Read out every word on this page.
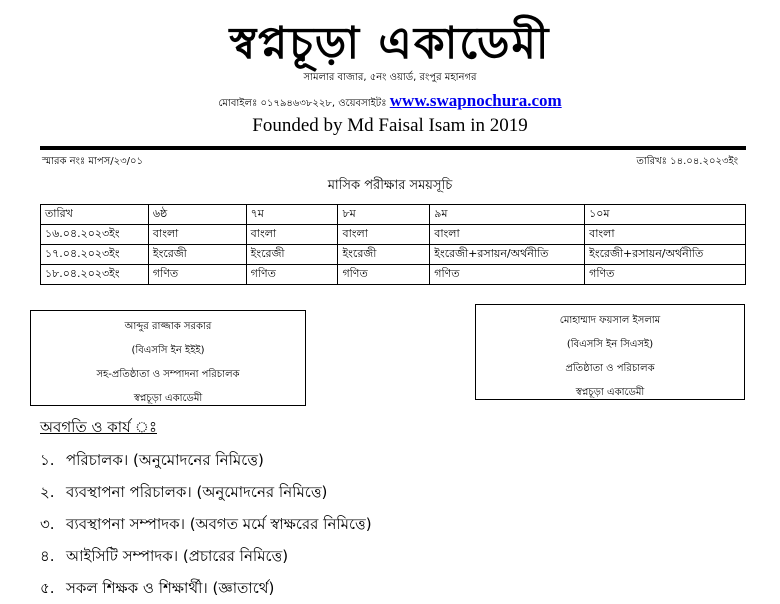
স্বপ্নচূড়া একাডেমী
সামলার বাজার, ৫নং ওয়ার্ড, রংপুর মহানগর
মোবাইলঃ ০১৭৯৪৬৩৮২২৮, ওয়েবসাইটঃ www.swapnochura.com
Founded by Md Faisal Isam in 2019
স্মারক নংঃ মাপস/২৩/০১	তারিখঃ ১৪.০৪.২০২৩ইং
মাসিক পরীক্ষার সময়সূচি
তারিখ	৬ষ্ঠ	৭ম	৮ম	৯ম	১০ম
১৬.০৪.২০২৩ইং	বাংলা	বাংলা	বাংলা	বাংলা	বাংলা
১৭.০৪.২০২৩ইং	ইংরেজী	ইংরেজী	ইংরেজী	ইংরেজী+রসায়ন/অর্থনীতি	ইংরেজী+রসায়ন/অর্থনীতি
১৮.০৪.২০২৩ইং	গণিত	গণিত	গণিত	গণিত	গণিত
আব্দুর রাজ্জাক সরকার
(বিএসসি ইন ইইই)
সহ-প্রতিষ্ঠাতা ও সম্পাদনা পরিচালক
স্বপ্নচূড়া একাডেমী
মোহাম্মাদ ফয়সাল ইসলাম
(বিএসসি ইন সিএসই)
প্রতিষ্ঠাতা ও পরিচালক
স্বপ্নচূড়া একাডেমী
অবগতি ও কার্য ঃ
১. পরিচালক। (অনুমোদনের নিমিত্তে)
২. ব্যবস্থাপনা পরিচালক। (অনুমোদনের নিমিত্তে)
৩. ব্যবস্থাপনা সম্পাদক। (অবগত মর্মে স্বাক্ষরের নিমিত্তে)
৪. আইসিটি সম্পাদক। (প্রচারের নিমিত্তে)
৫. সকল শিক্ষক ও শিক্ষার্থী। (জ্ঞাতার্থে)
